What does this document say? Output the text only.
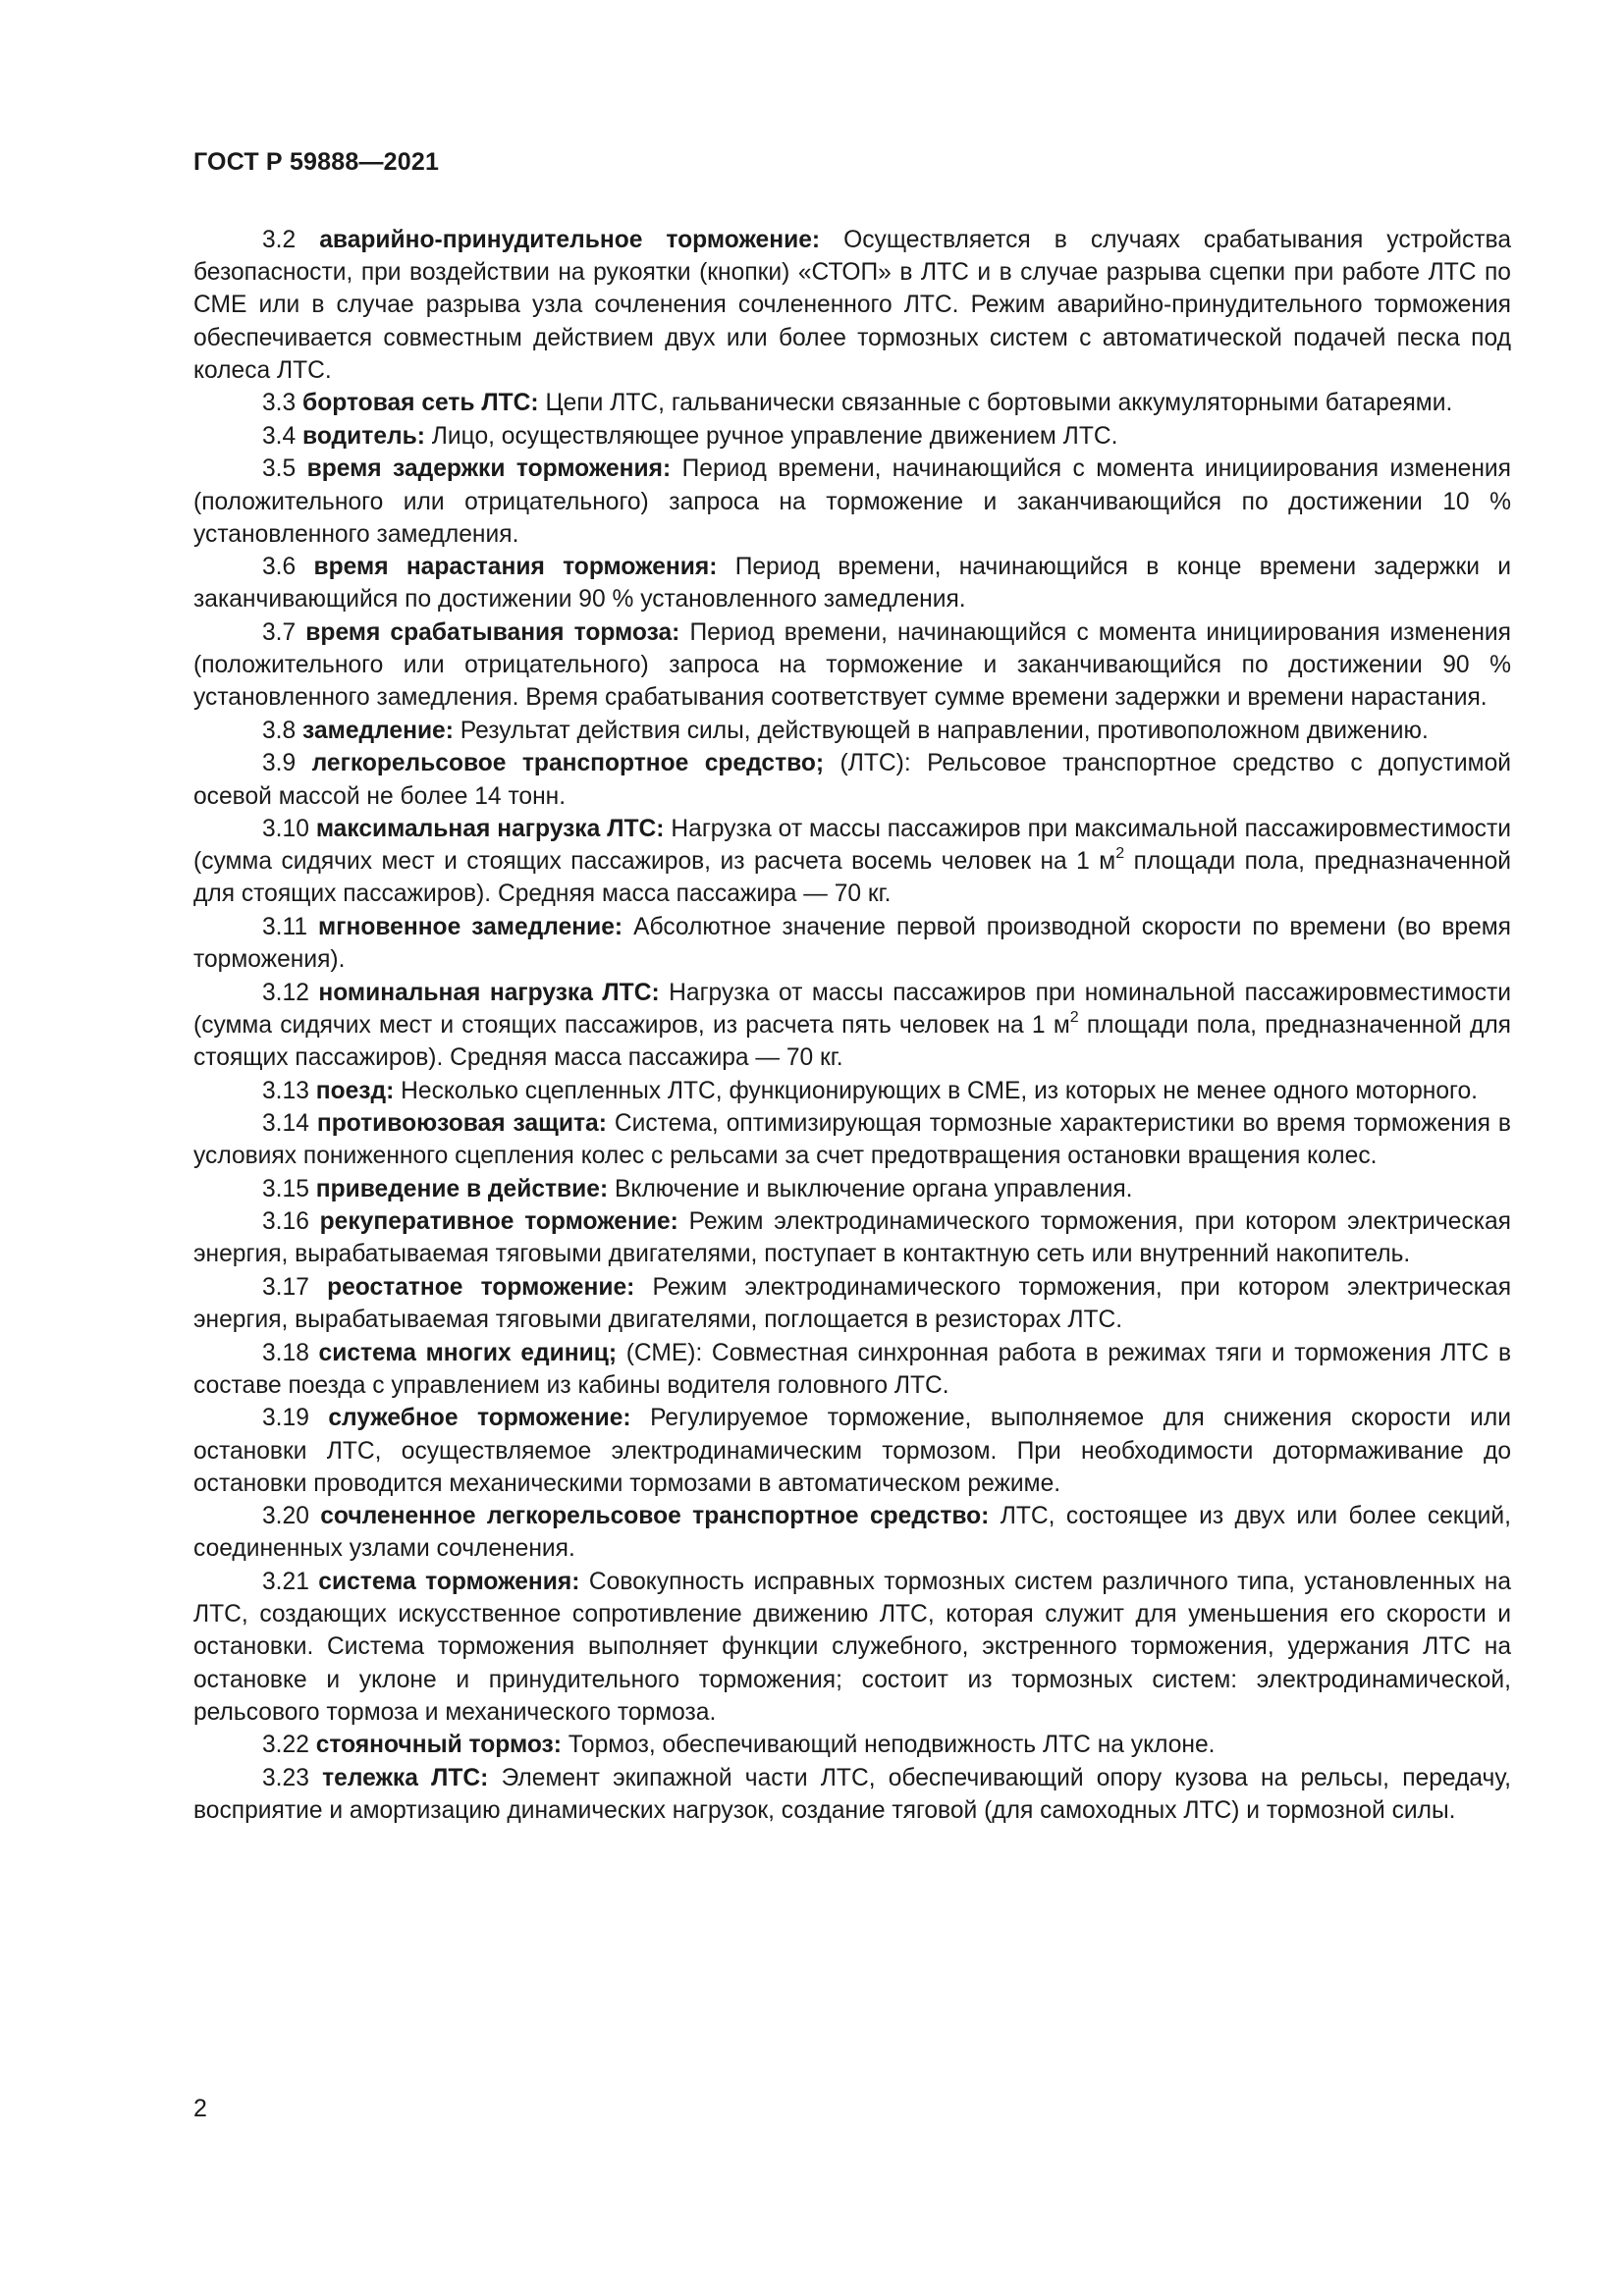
ГОСТ Р 59888—2021

3.2 аварийно-принудительное торможение: Осуществляется в случаях срабатывания устройства безопасности, при воздействии на рукоятки (кнопки) «СТОП» в ЛТС и в случае разрыва сцепки при работе ЛТС по СМЕ или в случае разрыва узла сочленения сочлененного ЛТС. Режим аварийно-принудительного торможения обеспечивается совместным действием двух или более тормозных систем с автоматической подачей песка под колеса ЛТС.

3.3 бортовая сеть ЛТС: Цепи ЛТС, гальванически связанные с бортовыми аккумуляторными батареями.

3.4 водитель: Лицо, осуществляющее ручное управление движением ЛТС.

3.5 время задержки торможения: Период времени, начинающийся с момента инициирования изменения (положительного или отрицательного) запроса на торможение и заканчивающийся по достижении 10 % установленного замедления.

3.6 время нарастания торможения: Период времени, начинающийся в конце времени задержки и заканчивающийся по достижении 90 % установленного замедления.

3.7 время срабатывания тормоза: Период времени, начинающийся с момента инициирования изменения (положительного или отрицательного) запроса на торможение и заканчивающийся по достижении 90 % установленного замедления. Время срабатывания соответствует сумме времени задержки и времени нарастания.

3.8 замедление: Результат действия силы, действующей в направлении, противоположном движению.

3.9 легкорельсовое транспортное средство; (ЛТС): Рельсовое транспортное средство с допустимой осевой массой не более 14 тонн.

3.10 максимальная нагрузка ЛТС: Нагрузка от массы пассажиров при максимальной пассажировместимости (сумма сидячих мест и стоящих пассажиров, из расчета восемь человек на 1 $м^2$ площади пола, предназначенной для стоящих пассажиров). Средняя масса пассажира — 70 кг.

3.11 мгновенное замедление: Абсолютное значение первой производной скорости по времени (во время торможения).

3.12 номинальная нагрузка ЛТС: Нагрузка от массы пассажиров при номинальной пассажировместимости (сумма сидячих мест и стоящих пассажиров, из расчета пять человек на 1 $м^2$ площади пола, предназначенной для стоящих пассажиров). Средняя масса пассажира — 70 кг.

3.13 поезд: Несколько сцепленных ЛТС, функционирующих в СМЕ, из которых не менее одного моторного.

3.14 противоюзовая защита: Система, оптимизирующая тормозные характеристики во время торможения в условиях пониженного сцепления колес с рельсами за счет предотвращения остановки вращения колес.

3.15 приведение в действие: Включение и выключение органа управления.

3.16 рекуперативное торможение: Режим электродинамического торможения, при котором электрическая энергия, вырабатываемая тяговыми двигателями, поступает в контактную сеть или внутренний накопитель.

3.17 реостатное торможение: Режим электродинамического торможения, при котором электрическая энергия, вырабатываемая тяговыми двигателями, поглощается в резисторах ЛТС.

3.18 система многих единиц; (СМЕ): Совместная синхронная работа в режимах тяги и торможения ЛТС в составе поезда с управлением из кабины водителя головного ЛТС.

3.19 служебное торможение: Регулируемое торможение, выполняемое для снижения скорости или остановки ЛТС, осуществляемое электродинамическим тормозом. При необходимости дотормаживание до остановки проводится механическими тормозами в автоматическом режиме.

3.20 сочлененное легкорельсовое транспортное средство: ЛТС, состоящее из двух или более секций, соединенных узлами сочленения.

3.21 система торможения: Совокупность исправных тормозных систем различного типа, установленных на ЛТС, создающих искусственное сопротивление движению ЛТС, которая служит для уменьшения его скорости и остановки. Система торможения выполняет функции служебного, экстренного торможения, удержания ЛТС на остановке и уклоне и принудительного торможения; состоит из тормозных систем: электродинамической, рельсового тормоза и механического тормоза.

3.22 стояночный тормоз: Тормоз, обеспечивающий неподвижность ЛТС на уклоне.

3.23 тележка ЛТС: Элемент экипажной части ЛТС, обеспечивающий опору кузова на рельсы, передачу, восприятие и амортизацию динамических нагрузок, создание тяговой (для самоходных ЛТС) и тормозной силы.

2
